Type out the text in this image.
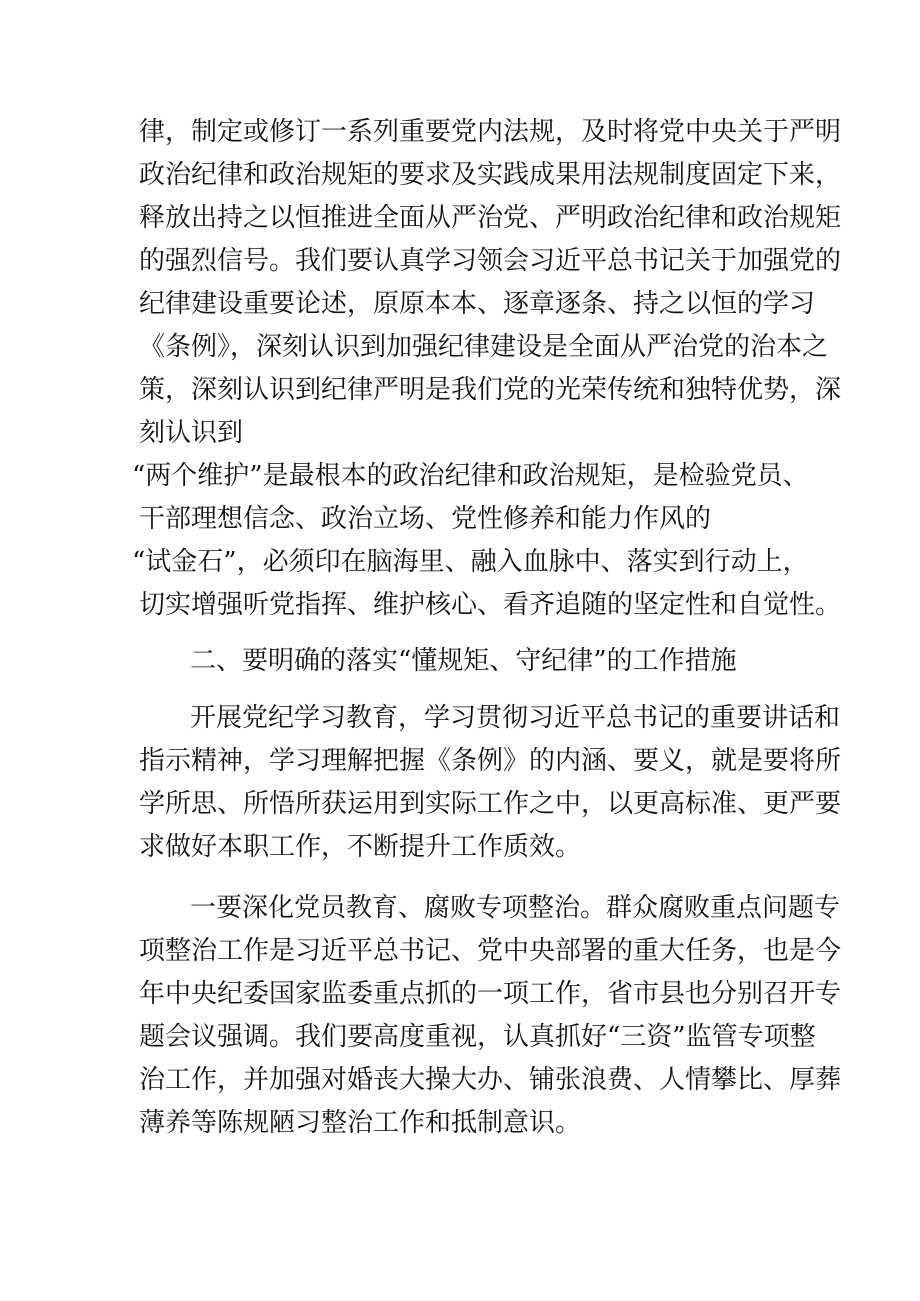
律，制定或修订一系列重要党内法规，及时将党中央关于严明

政治纪律和政治规矩的要求及实践成果用法规制度固定下来，

释放出持之以恒推进全面从严治党、严明政治纪律和政治规矩

的强烈信号。我们要认真学习领会习近平总书记关于加强党的

纪律建设重要论述，原原本本、逐章逐条、持之以恒的学习

《条例》，深刻认识到加强纪律建设是全面从严治党的治本之

策，深刻认识到纪律严明是我们党的光荣传统和独特优势，深

刻认识到

“两个维护”是最根本的政治纪律和政治规矩，是检验党员、

干部理想信念、政治立场、党性修养和能力作风的

“试金石”，必须印在脑海里、融入血脉中、落实到行动上，

切实增强听党指挥、维护核心、看齐追随的坚定性和自觉性。

二、要明确的落实“懂规矩、守纪律”的工作措施

开展党纪学习教育，学习贯彻习近平总书记的重要讲话和

指示精神，学习理解把握《条例》的内涵、要义，就是要将所

学所思、所悟所获运用到实际工作之中，以更高标准、更严要

求做好本职工作，不断提升工作质效。

一要深化党员教育、腐败专项整治。群众腐败重点问题专

项整治工作是习近平总书记、党中央部署的重大任务，也是今

年中央纪委国家监委重点抓的一项工作，省市县也分别召开专

题会议强调。我们要高度重视，认真抓好“三资”监管专项整

治工作，并加强对婚丧大操大办、铺张浪费、人情攀比、厚葬

薄养等陈规陋习整治工作和抵制意识。
